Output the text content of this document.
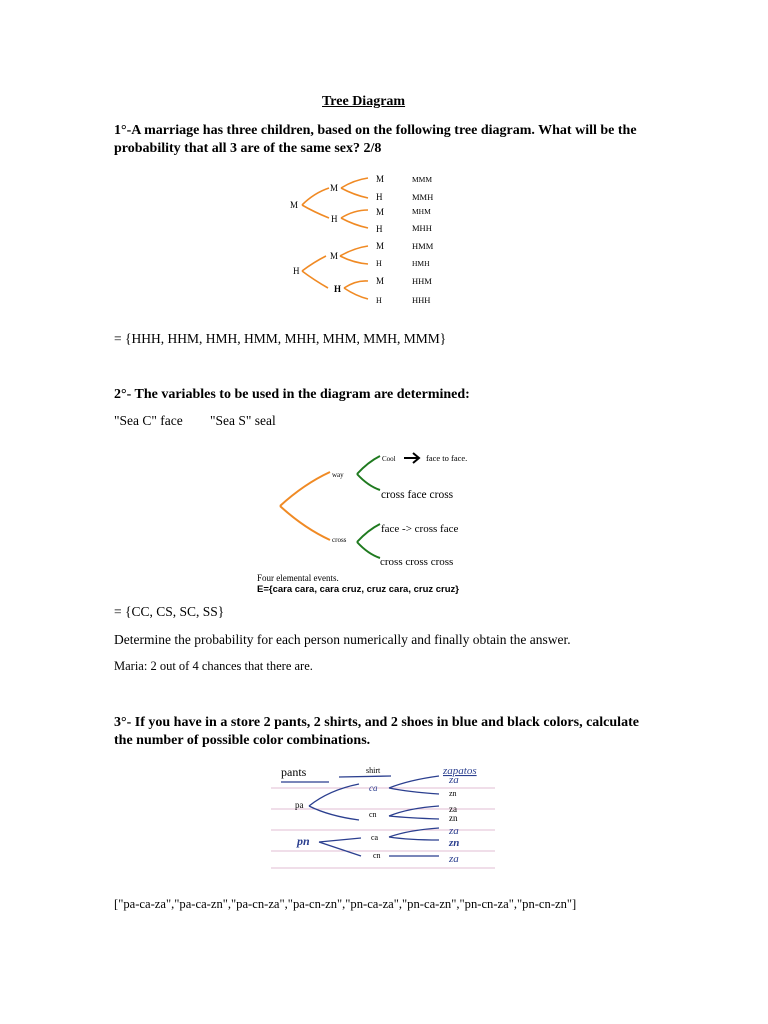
Tree Diagram
1°-A marriage has three children, based on the following tree diagram. What will be the probability that all 3 are of the same sex? 2/8
M
H
M
H
M
H
M
H
M
H
M
H
M
H
MMM
MMH
MHM
MHH
HMM
HMH
HHM
HHH
= {HHH, HHM, HMH, HMM, MHH, MHM, MMH, MMM}
2°- The variables to be used in the diagram are determined:
"Sea C" face "Sea S" seal
way
cross
Cool	face to face.
cross face cross
face -> cross face
cross cross cross
Four elemental events.
E={cara cara, cara cruz, cruz cara, cruz cruz}
= {CC, CS, SC, SS}
Determine the probability for each person numerically and finally obtain the answer.
Maria: 2 out of 4 chances that there are.
3°- If you have in a store 2 pants, 2 shirts, and 2 shoes in blue and black colors, calculate the number of possible color combinations.
pants	shirt	zapatos
pa
pn
ca
cn
ca
cn
za
zn
za
zn
za
zn
za
["pa-ca-za","pa-ca-zn","pa-cn-za","pa-cn-zn","pn-ca-za","pn-ca-zn","pn-cn-za","pn-cn-zn"]
